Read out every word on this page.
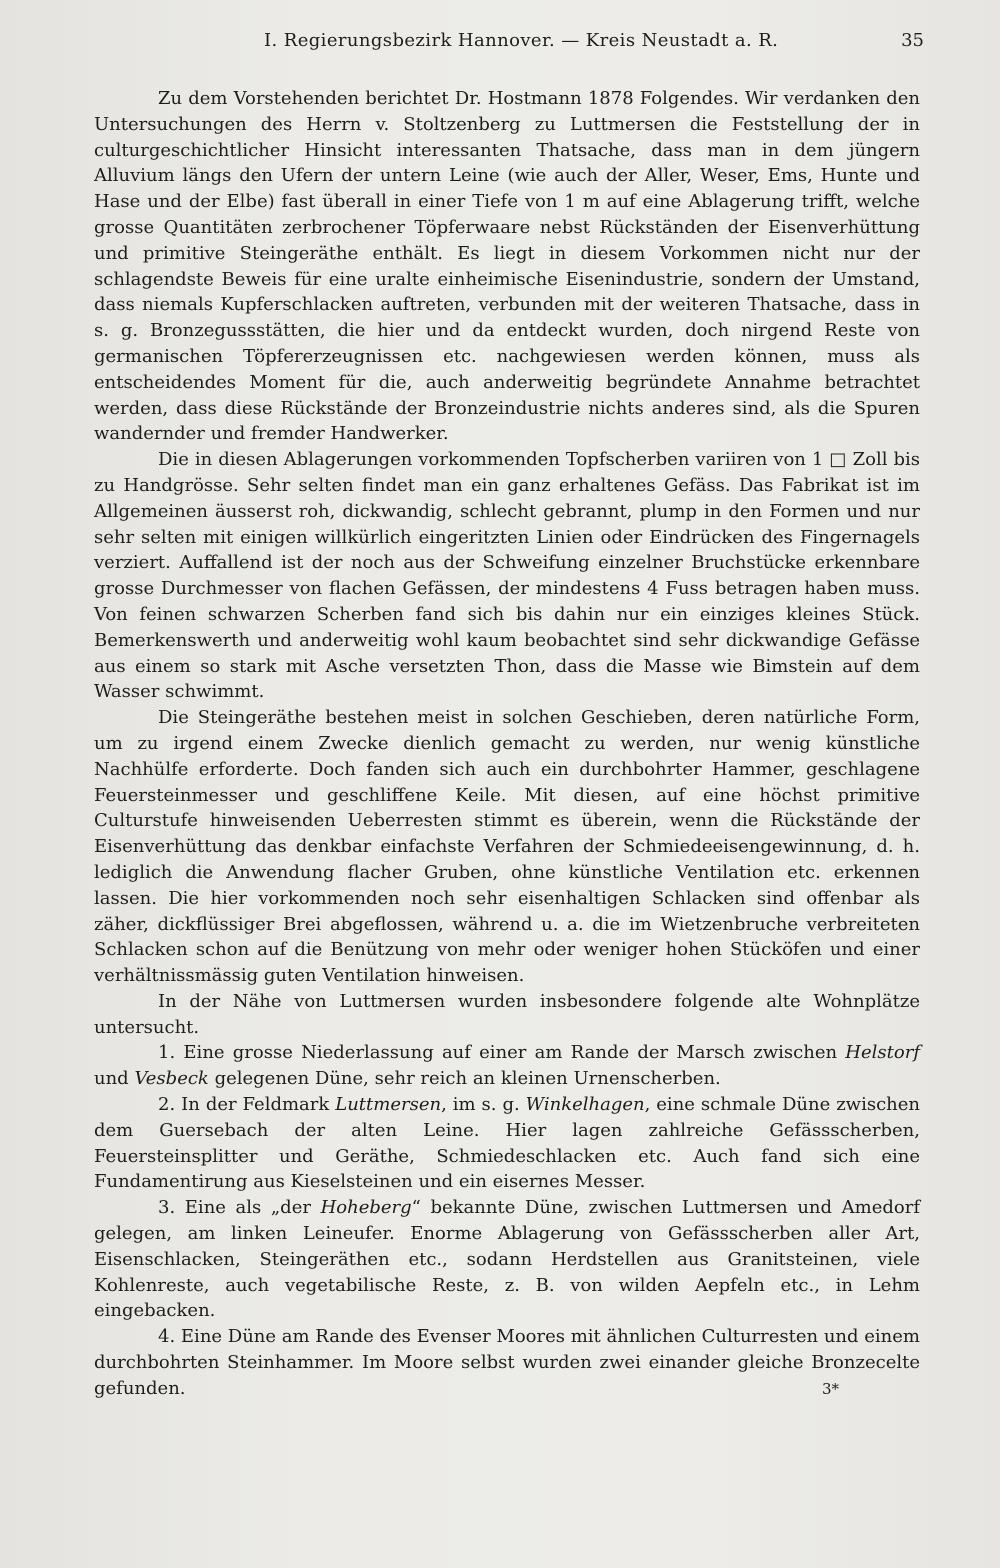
I. Regierungsbezirk Hannover. — Kreis Neustadt a. R.	35

Zu dem Vorstehenden berichtet Dr. Hostmann 1878 Folgendes. Wir verdanken den Untersuchungen des Herrn v. Stoltzenberg zu Luttmersen die Feststellung der in culturgeschichtlicher Hinsicht interessanten Thatsache, dass man in dem jüngern Alluvium längs den Ufern der untern Leine (wie auch der Aller, Weser, Ems, Hunte und Hase und der Elbe) fast überall in einer Tiefe von 1 m auf eine Ablagerung trifft, welche grosse Quantitäten zerbrochener Töpferwaare nebst Rückständen der Eisenverhüttung und primitive Steingeräthe enthält. Es liegt in diesem Vorkommen nicht nur der schlagendste Beweis für eine uralte einheimische Eisenindustrie, sondern der Umstand, dass niemals Kupferschlacken auftreten, verbunden mit der weiteren Thatsache, dass in s. g. Bronzegussstätten, die hier und da entdeckt wurden, doch nirgend Reste von germanischen Töpfererzeugnissen etc. nachgewiesen werden können, muss als entscheidendes Moment für die, auch anderweitig begründete Annahme betrachtet werden, dass diese Rückstände der Bronzeindustrie nichts anderes sind, als die Spuren wandernder und fremder Handwerker.

Die in diesen Ablagerungen vorkommenden Topfscherben variiren von 1 □ Zoll bis zu Handgrösse. Sehr selten findet man ein ganz erhaltenes Gefäss. Das Fabrikat ist im Allgemeinen äusserst roh, dickwandig, schlecht gebrannt, plump in den Formen und nur sehr selten mit einigen willkürlich eingeritzten Linien oder Eindrücken des Fingernagels verziert. Auffallend ist der noch aus der Schweifung einzelner Bruchstücke erkennbare grosse Durchmesser von flachen Gefässen, der mindestens 4 Fuss betragen haben muss. Von feinen schwarzen Scherben fand sich bis dahin nur ein einziges kleines Stück. Bemerkenswerth und anderweitig wohl kaum beobachtet sind sehr dickwandige Gefässe aus einem so stark mit Asche versetzten Thon, dass die Masse wie Bimstein auf dem Wasser schwimmt.

Die Steingeräthe bestehen meist in solchen Geschieben, deren natürliche Form, um zu irgend einem Zwecke dienlich gemacht zu werden, nur wenig künstliche Nachhülfe erforderte. Doch fanden sich auch ein durchbohrter Hammer, geschlagene Feuersteinmesser und geschliffene Keile. Mit diesen, auf eine höchst primitive Culturstufe hinweisenden Ueberresten stimmt es überein, wenn die Rückstände der Eisenverhüttung das denkbar einfachste Verfahren der Schmiedeeisengewinnung, d. h. lediglich die Anwendung flacher Gruben, ohne künstliche Ventilation etc. erkennen lassen. Die hier vorkommenden noch sehr eisenhaltigen Schlacken sind offenbar als zäher, dickflüssiger Brei abgeflossen, während u. a. die im Wietzenbruche verbreiteten Schlacken schon auf die Benützung von mehr oder weniger hohen Stücköfen und einer verhältnissmässig guten Ventilation hinweisen.

In der Nähe von Luttmersen wurden insbesondere folgende alte Wohnplätze untersucht.

1. Eine grosse Niederlassung auf einer am Rande der Marsch zwischen Helstorf und Vesbeck gelegenen Düne, sehr reich an kleinen Urnenscherben.

2. In der Feldmark Luttmersen, im s. g. Winkelhagen, eine schmale Düne zwischen dem Guersebach der alten Leine. Hier lagen zahlreiche Gefässscherben, Feuersteinsplitter und Geräthe, Schmiedeschlacken etc. Auch fand sich eine Fundamentirung aus Kieselsteinen und ein eisernes Messer.

3. Eine als „der Hoheberg“ bekannte Düne, zwischen Luttmersen und Amedorf gelegen, am linken Leineufer. Enorme Ablagerung von Gefässscherben aller Art, Eisenschlacken, Steingeräthen etc., sodann Herdstellen aus Granitsteinen, viele Kohlenreste, auch vegetabilische Reste, z. B. von wilden Aepfeln etc., in Lehm eingebacken.

4. Eine Düne am Rande des Evenser Moores mit ähnlichen Culturresten und einem durchbohrten Steinhammer. Im Moore selbst wurden zwei einander gleiche Bronzecelte gefunden.	3*
